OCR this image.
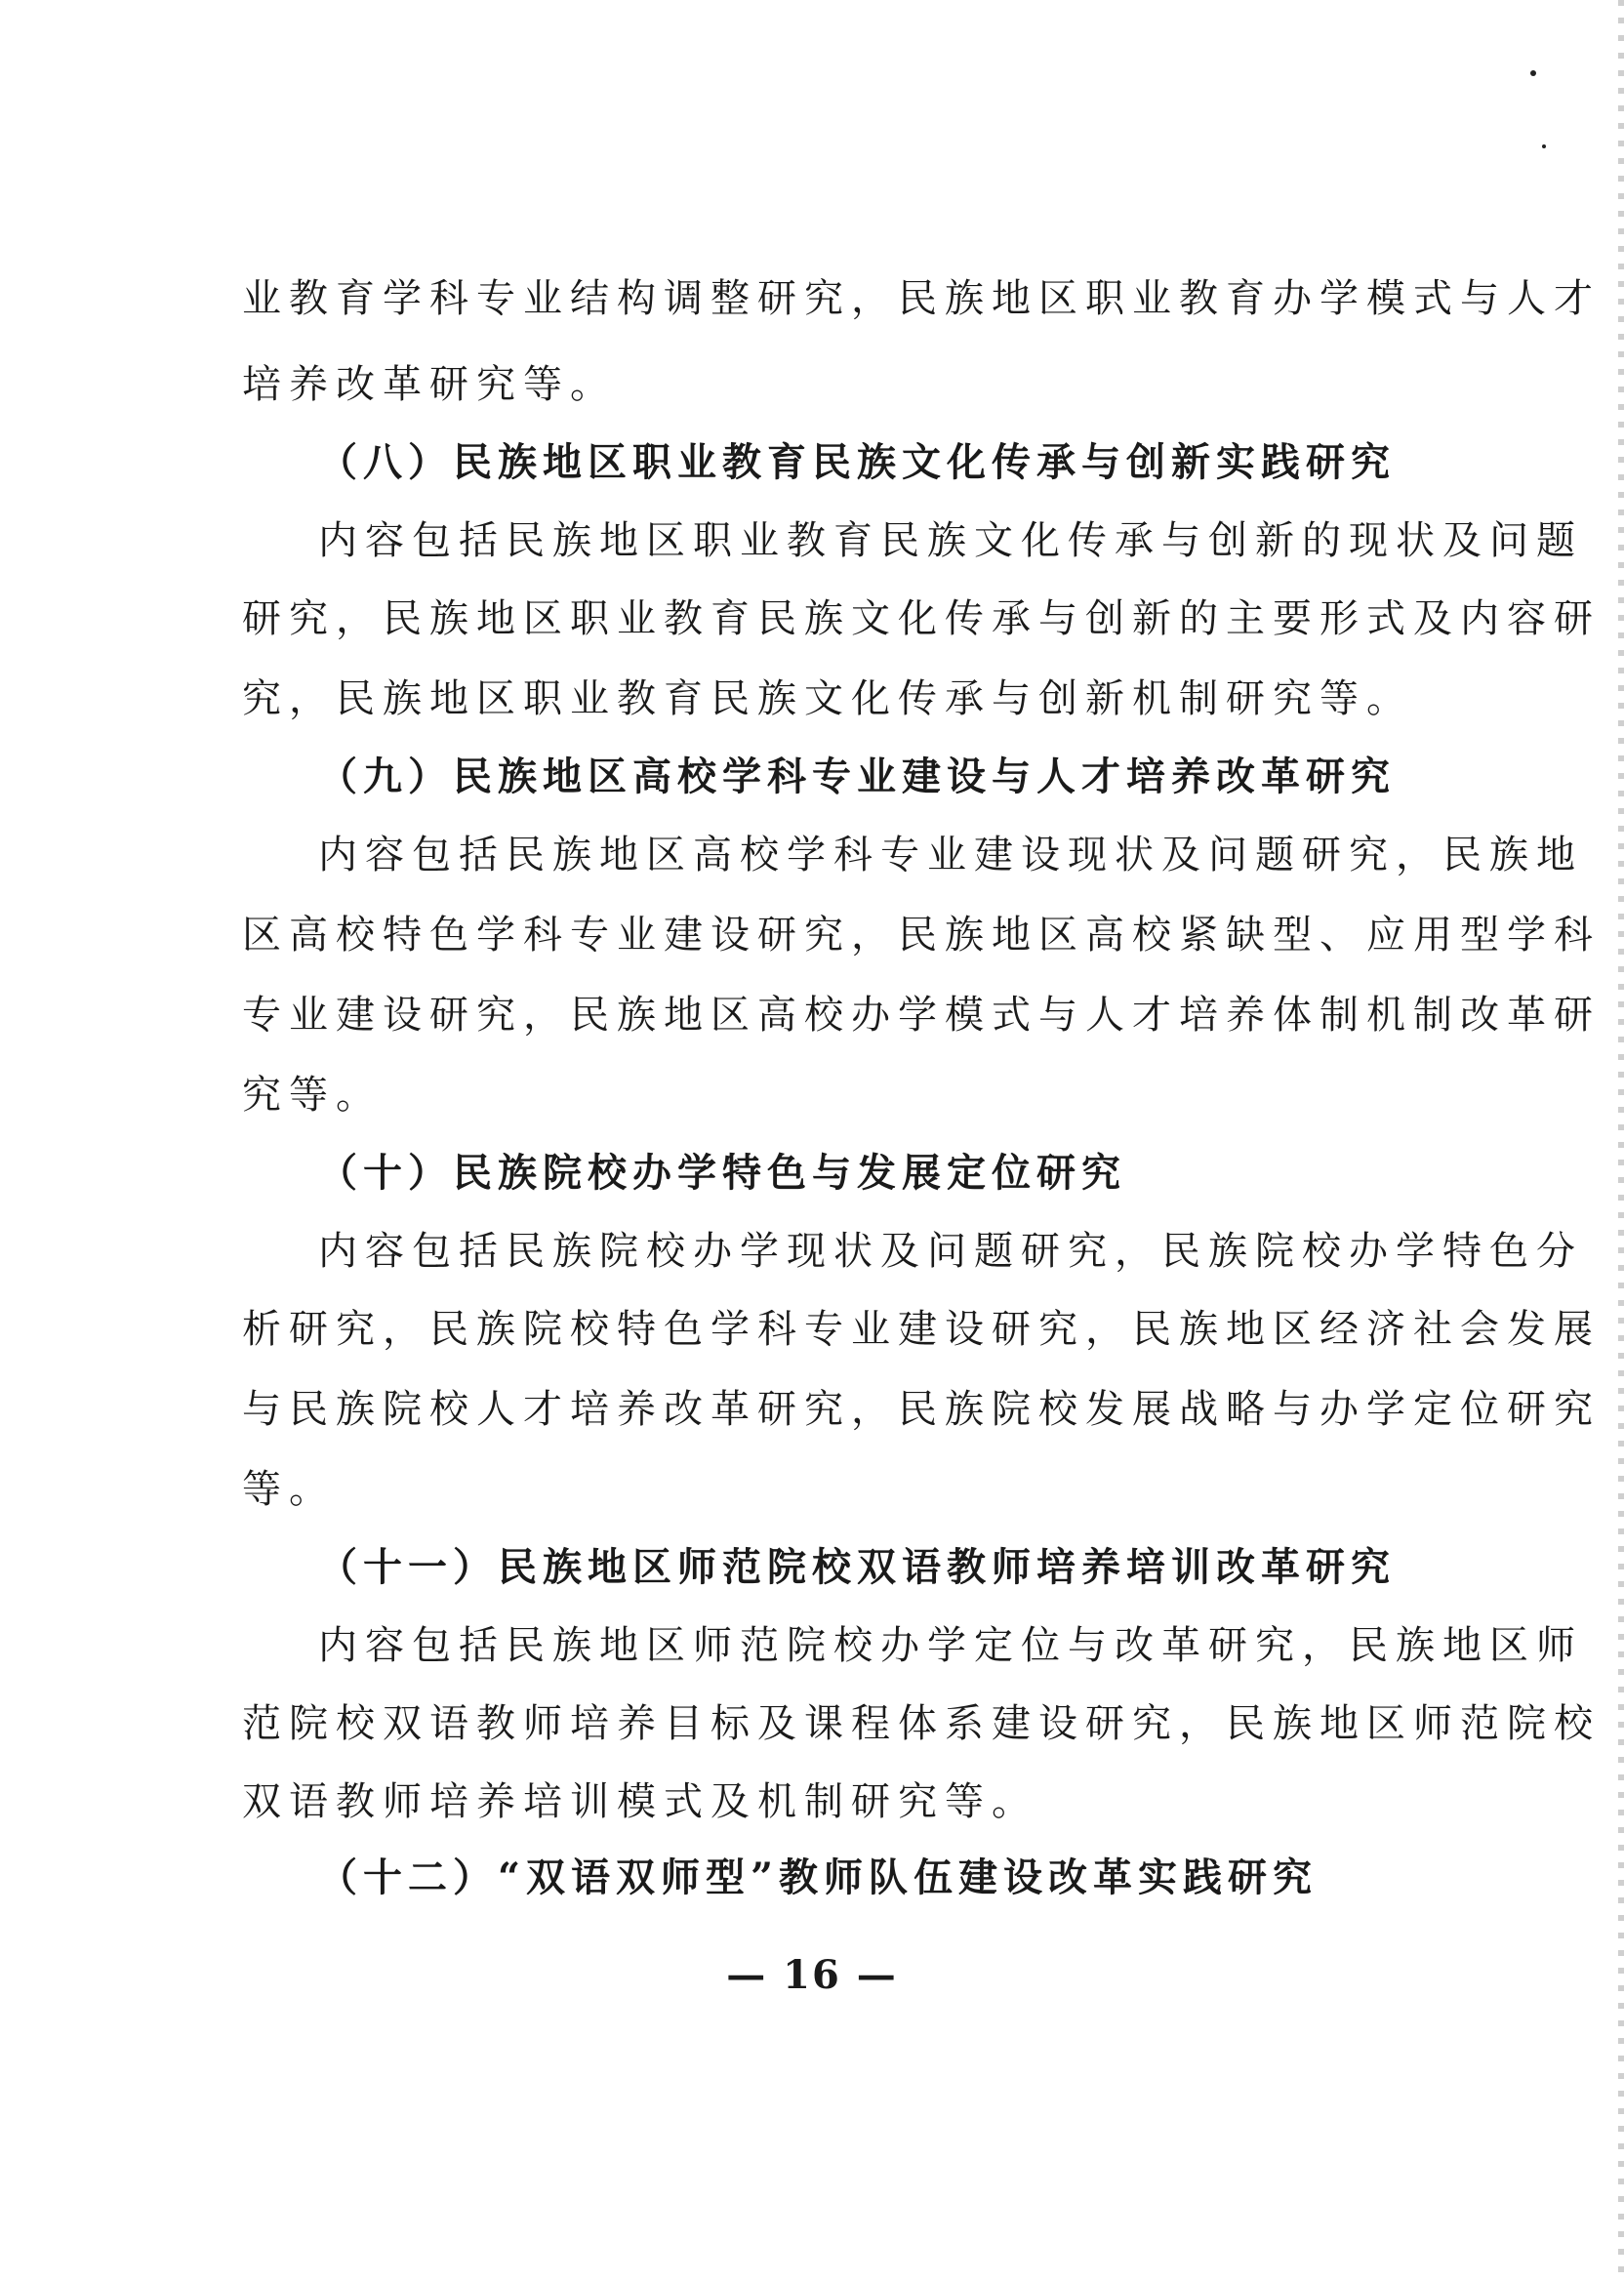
业教育学科专业结构调整研究，民族地区职业教育办学模式与人才
培养改革研究等。
（八）民族地区职业教育民族文化传承与创新实践研究
内容包括民族地区职业教育民族文化传承与创新的现状及问题
研究，民族地区职业教育民族文化传承与创新的主要形式及内容研
究，民族地区职业教育民族文化传承与创新机制研究等。
（九）民族地区高校学科专业建设与人才培养改革研究
内容包括民族地区高校学科专业建设现状及问题研究，民族地
区高校特色学科专业建设研究，民族地区高校紧缺型、应用型学科
专业建设研究，民族地区高校办学模式与人才培养体制机制改革研
究等。
（十）民族院校办学特色与发展定位研究
内容包括民族院校办学现状及问题研究，民族院校办学特色分
析研究，民族院校特色学科专业建设研究，民族地区经济社会发展
与民族院校人才培养改革研究，民族院校发展战略与办学定位研究
等。
（十一）民族地区师范院校双语教师培养培训改革研究
内容包括民族地区师范院校办学定位与改革研究，民族地区师
范院校双语教师培养目标及课程体系建设研究，民族地区师范院校
双语教师培养培训模式及机制研究等。
（十二）“双语双师型”教师队伍建设改革实践研究
— 16 —
